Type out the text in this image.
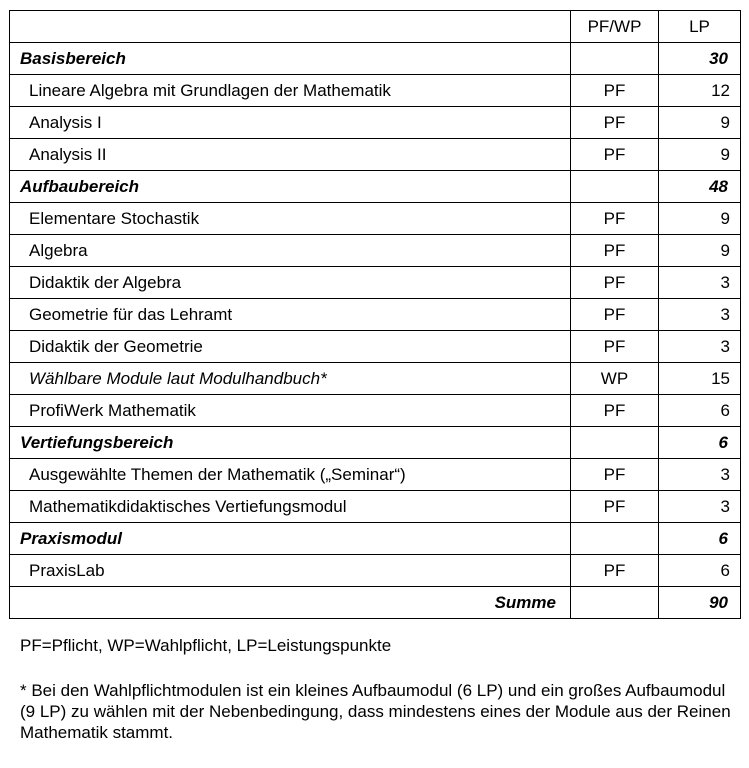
	PF/WP	LP
Basisbereich		30
Lineare Algebra mit Grundlagen der Mathematik	PF	12
Analysis I	PF	9
Analysis II	PF	9
Aufbaubereich		48
Elementare Stochastik	PF	9
Algebra	PF	9
Didaktik der Algebra	PF	3
Geometrie für das Lehramt	PF	3
Didaktik der Geometrie	PF	3
Wählbare Module laut Modulhandbuch*	WP	15
ProfiWerk Mathematik	PF	6
Vertiefungsbereich		6
Ausgewählte Themen der Mathematik („Seminar“)	PF	3
Mathematikdidaktisches Vertiefungsmodul	PF	3
Praxismodul		6
PraxisLab	PF	6
Summe		90

PF=Pflicht, WP=Wahlpflicht, LP=Leistungspunkte

* Bei den Wahlpflichtmodulen ist ein kleines Aufbaumodul (6 LP) und ein großes Aufbaumodul (9 LP) zu wählen mit der Nebenbedingung, dass mindestens eines der Module aus der Reinen Mathematik stammt.
